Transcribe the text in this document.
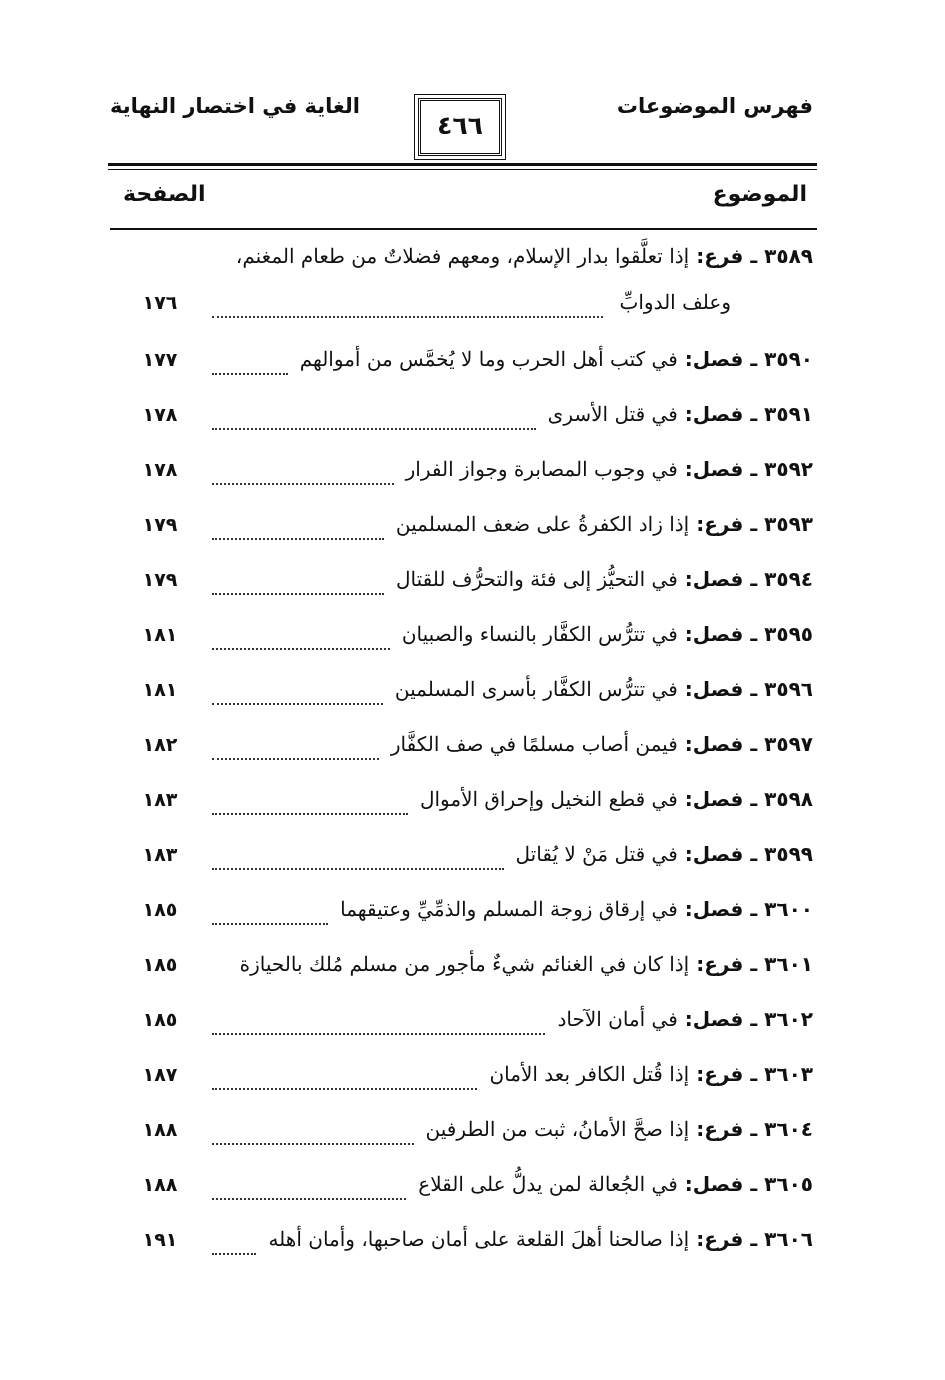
فهرس الموضوعات
٤٦٦
الغاية في اختصار النهاية
الموضوع
الصفحة
٣٥٨٩ ـ فرع: إذا تعلَّقوا بدار الإسلام، ومعهم فضلاتٌ من طعام المغنم،
وعلف الدوابِّ
١٧٦
٣٥٩٠ ـ فصل: في كتب أهل الحرب وما لا يُخمَّس من أموالهم
١٧٧
٣٥٩١ ـ فصل: في قتل الأسرى
١٧٨
٣٥٩٢ ـ فصل: في وجوب المصابرة وجواز الفرار
١٧٨
٣٥٩٣ ـ فرع: إذا زاد الكفرةُ على ضعف المسلمين
١٧٩
٣٥٩٤ ـ فصل: في التحيُّز إلى فئة والتحرُّف للقتال
١٧٩
٣٥٩٥ ـ فصل: في تترُّس الكفَّار بالنساء والصبيان
١٨١
٣٥٩٦ ـ فصل: في تترُّس الكفَّار بأسرى المسلمين
١٨١
٣٥٩٧ ـ فصل: فيمن أصاب مسلمًا في صف الكفَّار
١٨٢
٣٥٩٨ ـ فصل: في قطع النخيل وإحراق الأموال
١٨٣
٣٥٩٩ ـ فصل: في قتل مَنْ لا يُقاتل
١٨٣
٣٦٠٠ ـ فصل: في إرقاق زوجة المسلم والذمِّيِّ وعتيقهما
١٨٥
٣٦٠١ ـ فرع: إذا كان في الغنائم شيءٌ مأجور من مسلم مُلك بالحيازة
١٨٥
٣٦٠٢ ـ فصل: في أمان الآحاد
١٨٥
٣٦٠٣ ـ فرع: إذا قُتل الكافر بعد الأمان
١٨٧
٣٦٠٤ ـ فرع: إذا صحَّ الأمانُ، ثبت من الطرفين
١٨٨
٣٦٠٥ ـ فصل: في الجُعالة لمن يدلُّ على القلاع
١٨٨
٣٦٠٦ ـ فرع: إذا صالحنا أهلَ القلعة على أمان صاحبها، وأمان أهله
١٩١
